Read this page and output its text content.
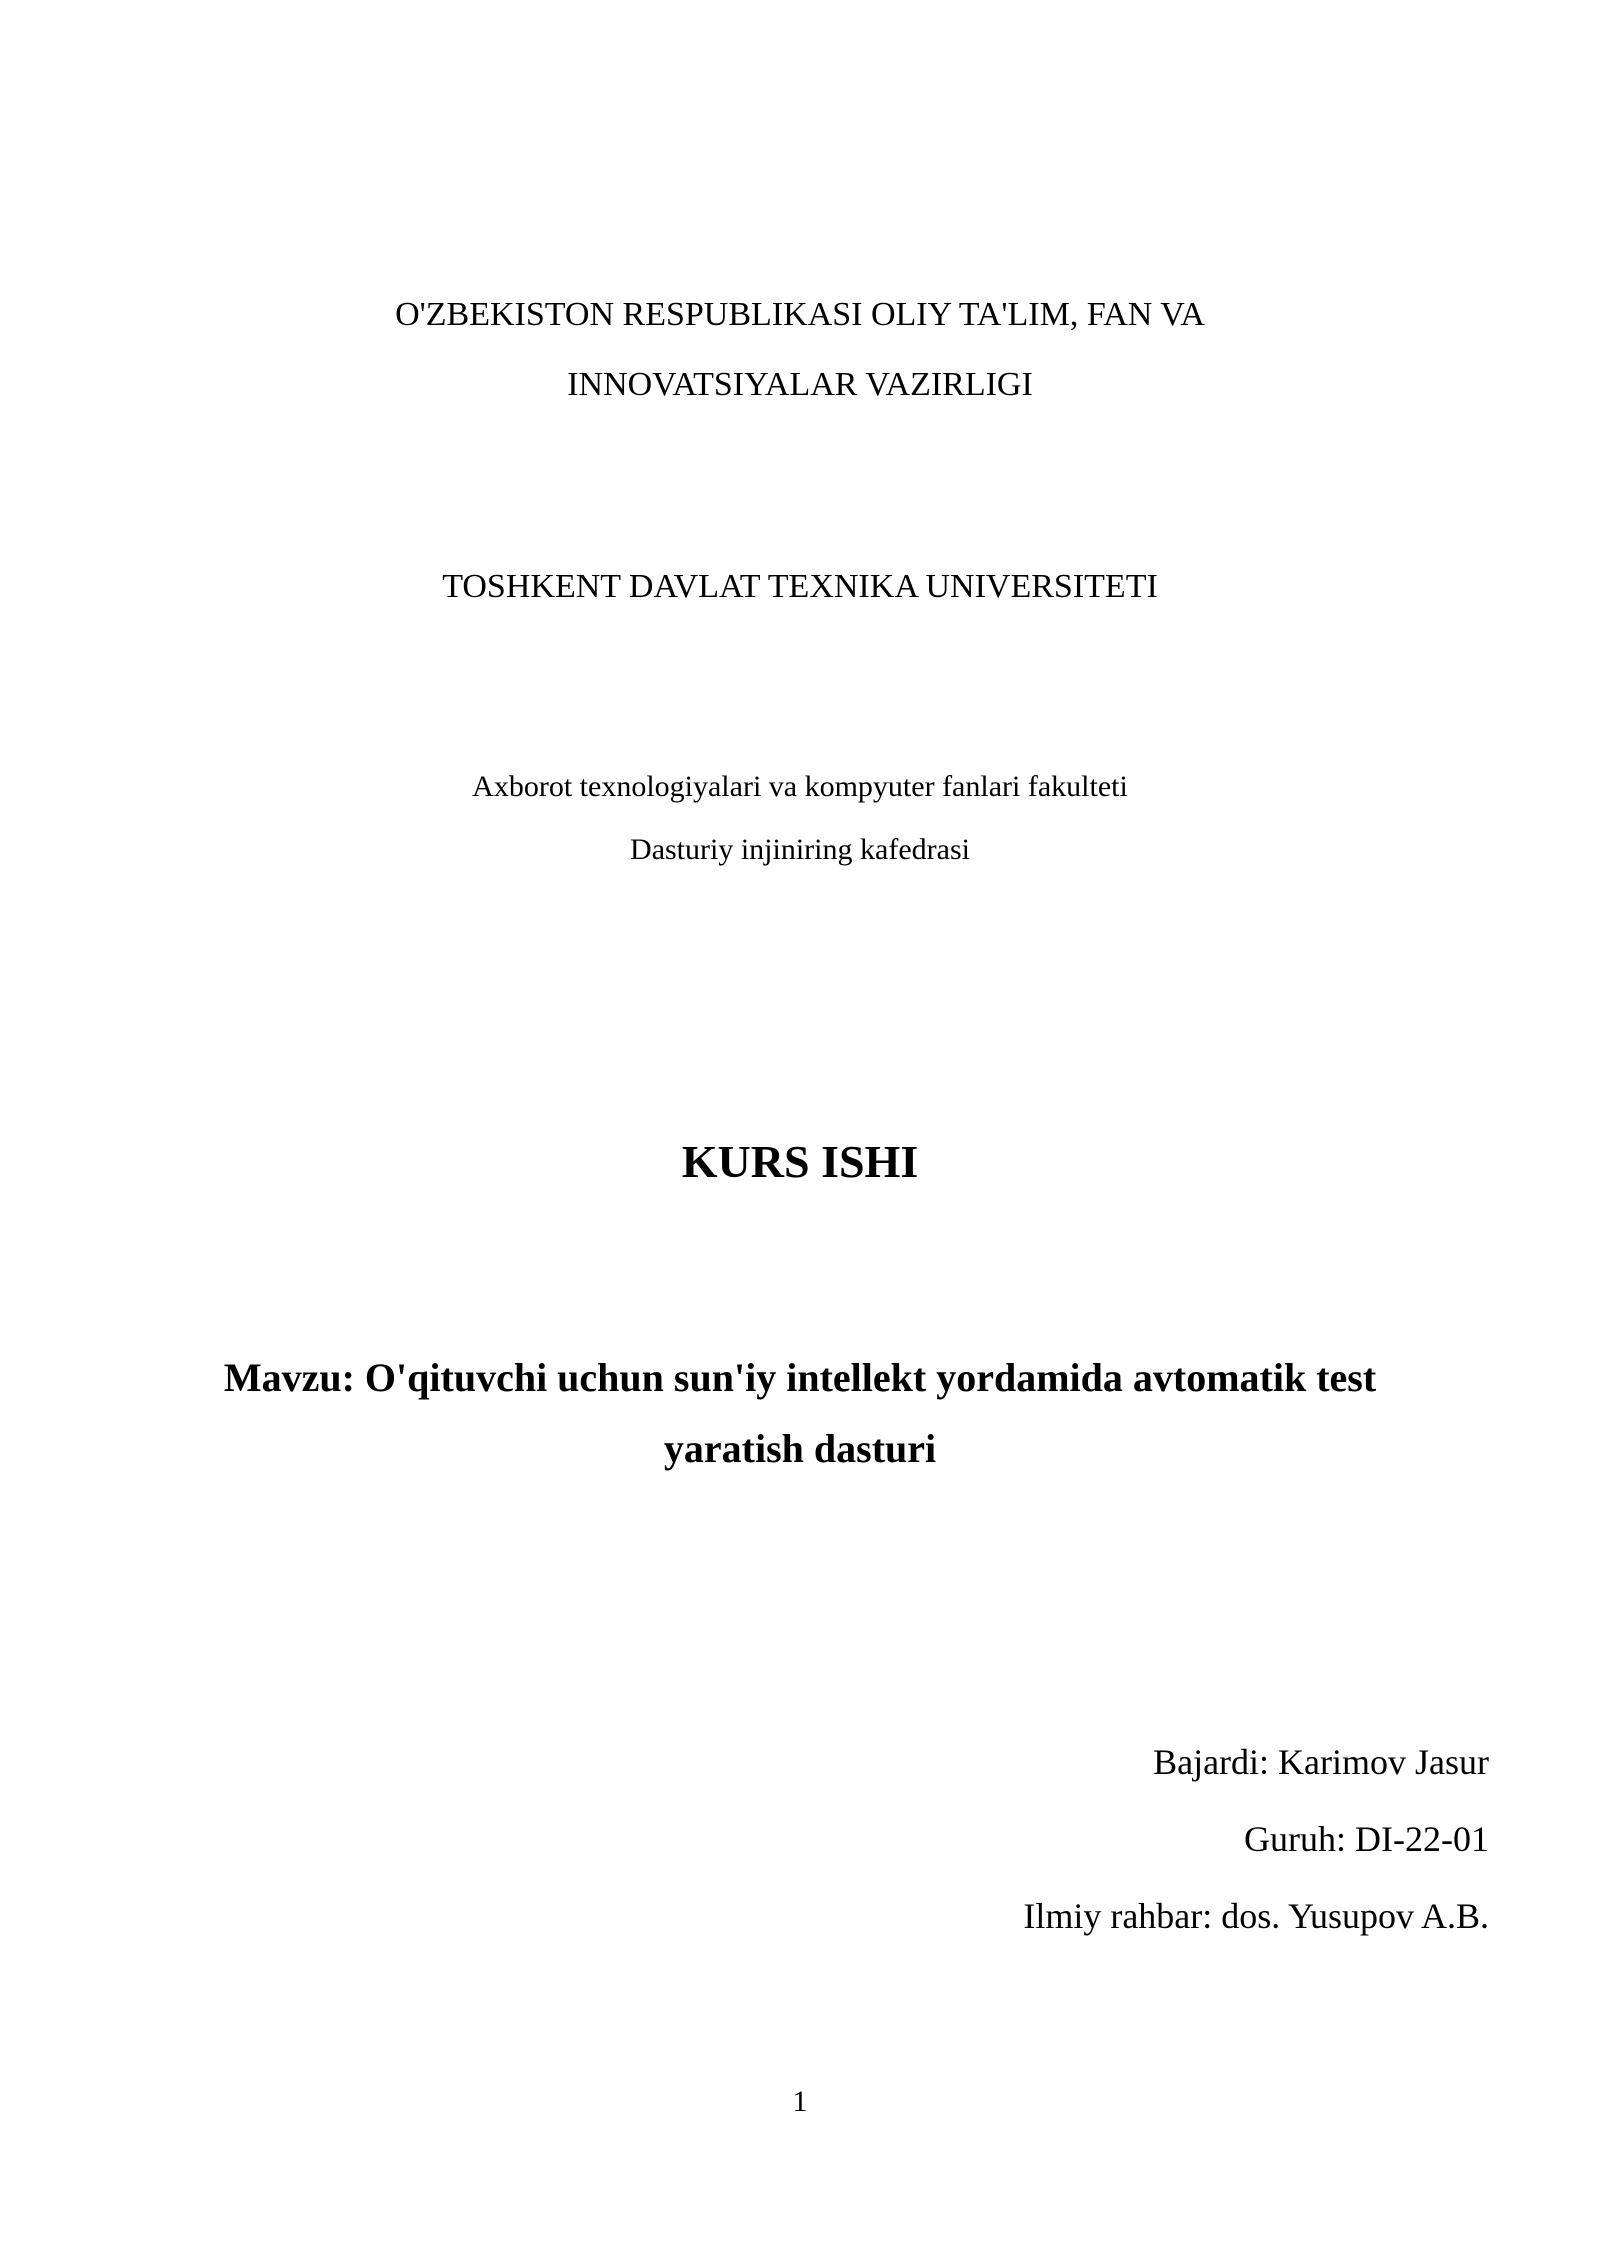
O'ZBEKISTON RESPUBLIKASI OLIY TA'LIM, FAN VA
INNOVATSIYALAR VAZIRLIGI
TOSHKENT DAVLAT TEXNIKA UNIVERSITETI
Axborot texnologiyalari va kompyuter fanlari fakulteti
Dasturiy injiniring kafedrasi
KURS ISHI
Mavzu: O'qituvchi uchun sun'iy intellekt yordamida avtomatik test
yaratish dasturi
Bajardi: Karimov Jasur
Guruh: DI-22-01
Ilmiy rahbar: dos. Yusupov A.B.
1
